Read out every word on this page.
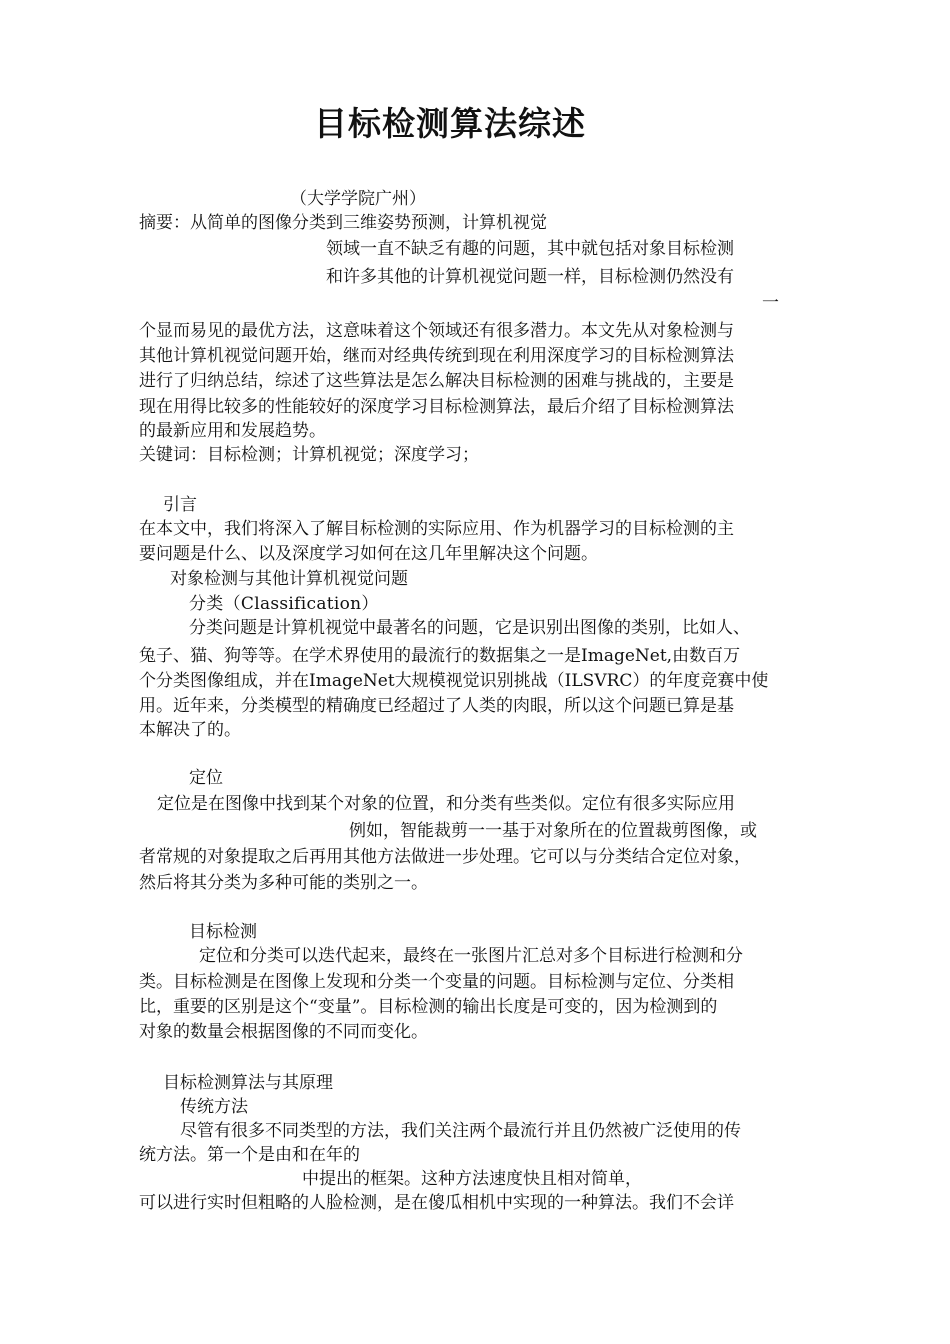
目标检测算法综述

（大学学院广州）

摘要：从简单的图像分类到三维姿势预测，计算机视觉

领域一直不缺乏有趣的问题，其中就包括对象目标检测

和许多其他的计算机视觉问题一样，目标检测仍然没有

一

个显而易见的最优方法，这意味着这个领域还有很多潜力。本文先从对象检测与

其他计算机视觉问题开始，继而对经典传统到现在利用深度学习的目标检测算法

进行了归纳总结，综述了这些算法是怎么解决目标检测的困难与挑战的，主要是

现在用得比较多的性能较好的深度学习目标检测算法，最后介绍了目标检测算法

的最新应用和发展趋势。

关键词：目标检测；计算机视觉；深度学习；

引言

在本文中，我们将深入了解目标检测的实际应用、作为机器学习的目标检测的主

要问题是什么、以及深度学习如何在这几年里解决这个问题。

对象检测与其他计算机视觉问题

分类（Classification）

分类问题是计算机视觉中最著名的问题，它是识别出图像的类别，比如人、

兔子、猫、狗等等。在学术界使用的最流行的数据集之一是ImageNet,由数百万

个分类图像组成，并在ImageNet大规模视觉识别挑战（ILSVRC）的年度竞赛中使

用。近年来，分类模型的精确度已经超过了人类的肉眼，所以这个问题已算是基

本解决了的。

定位

定位是在图像中找到某个对象的位置，和分类有些类似。定位有很多实际应用

例如，智能裁剪一一基于对象所在的位置裁剪图像，或

者常规的对象提取之后再用其他方法做进一步处理。它可以与分类结合定位对象，

然后将其分类为多种可能的类别之一。

目标检测

定位和分类可以迭代起来，最终在一张图片汇总对多个目标进行检测和分

类。目标检测是在图像上发现和分类一个变量的问题。目标检测与定位、分类相

比，重要的区别是这个“变量”。目标检测的输出长度是可变的，因为检测到的

对象的数量会根据图像的不同而变化。

目标检测算法与其原理

传统方法

尽管有很多不同类型的方法，我们关注两个最流行并且仍然被广泛使用的传

统方法。第一个是由和在年的

中提出的框架。这种方法速度快且相对简单，

可以进行实时但粗略的人脸检测，是在傻瓜相机中实现的一种算法。我们不会详
